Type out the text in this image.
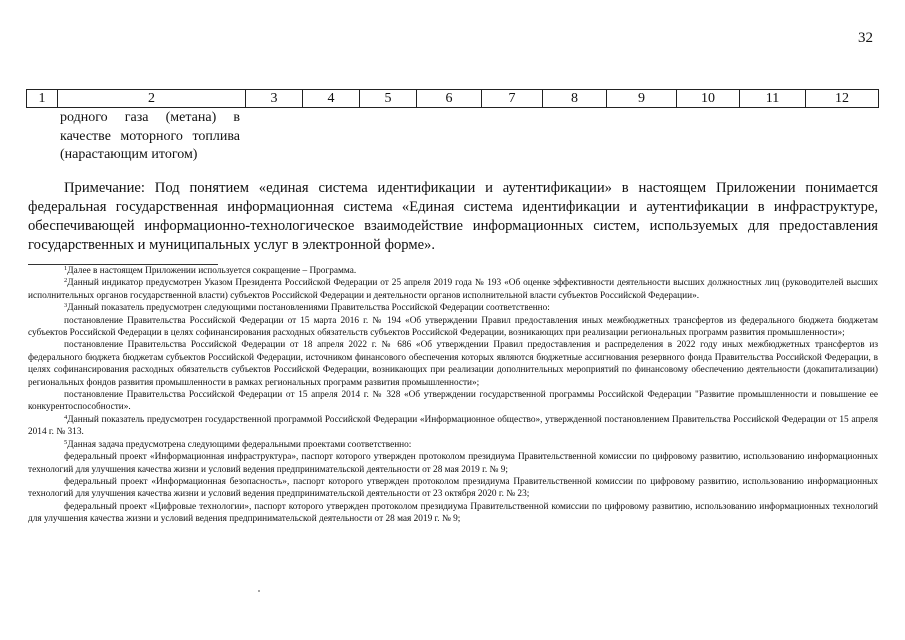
32
1	2	3	4	5	6	7	8	9	10	11	12
родного газа (метана) в качестве моторного топлива (нарастающим итогом)

Примечание: Под понятием «единая система идентификации и аутентификации» в настоящем Приложении понимается федеральная государственная информационная система «Единая система идентификации и аутентификации в инфраструктуре, обеспечивающей информационно-технологическое взаимодействие информационных систем, используемых для предоставления государственных и муниципальных услуг в электронной форме».

$^1$Далее в настоящем Приложении используется сокращение – Программа.

$^2$Данный индикатор предусмотрен Указом Президента Российской Федерации от 25 апреля 2019 года № 193 «Об оценке эффективности деятельности высших должностных лиц (руководителей высших исполнительных органов государственной власти) субъектов Российской Федерации и деятельности органов исполнительной власти субъектов Российской Федерации».

$^3$Данный показатель предусмотрен следующими постановлениями Правительства Российской Федерации соответственно:

постановление Правительства Российской Федерации от 15 марта 2016 г. № 194 «Об утверждении Правил предоставления иных межбюджетных трансфертов из федерального бюджета бюджетам субъектов Российской Федерации в целях софинансирования расходных обязательств субъектов Российской Федерации, возникающих при реализации региональных программ развития промышленности»;

постановление Правительства Российской Федерации от 18 апреля 2022 г. № 686 «Об утверждении Правил предоставления и распределения в 2022 году иных межбюджетных трансфертов из федерального бюджета бюджетам субъектов Российской Федерации, источником финансового обеспечения которых являются бюджетные ассигнования резервного фонда Правительства Российской Федерации, в целях софинансирования расходных обязательств субъектов Российской Федерации, возникающих при реализации дополнительных мероприятий по финансовому обеспечению деятельности (докапитализации) региональных фондов развития промышленности в рамках региональных программ развития промышленности»;

постановление Правительства Российской Федерации от 15 апреля 2014 г. № 328 «Об утверждении государственной программы Российской Федерации "Развитие промышленности и повышение ее конкурентоспособности».

$^4$Данный показатель предусмотрен государственной программой Российской Федерации «Информационное общество», утвержденной постановлением Правительства Российской Федерации от 15 апреля 2014 г. № 313.

$^5$Данная задача предусмотрена следующими федеральными проектами соответственно:

федеральный проект «Информационная инфраструктура», паспорт которого утвержден протоколом президиума Правительственной комиссии по цифровому развитию, использованию информационных технологий для улучшения качества жизни и условий ведения предпринимательской деятельности от 28 мая 2019 г. № 9;

федеральный проект «Информационная безопасность», паспорт которого утвержден протоколом президиума Правительственной комиссии по цифровому развитию, использованию информационных технологий для улучшения качества жизни и условий ведения предпринимательской деятельности от 23 октября 2020 г. № 23;

федеральный проект «Цифровые технологии», паспорт которого утвержден протоколом президиума Правительственной комиссии по цифровому развитию, использованию информационных технологий для улучшения качества жизни и условий ведения предпринимательской деятельности от 28 мая 2019 г. № 9;
